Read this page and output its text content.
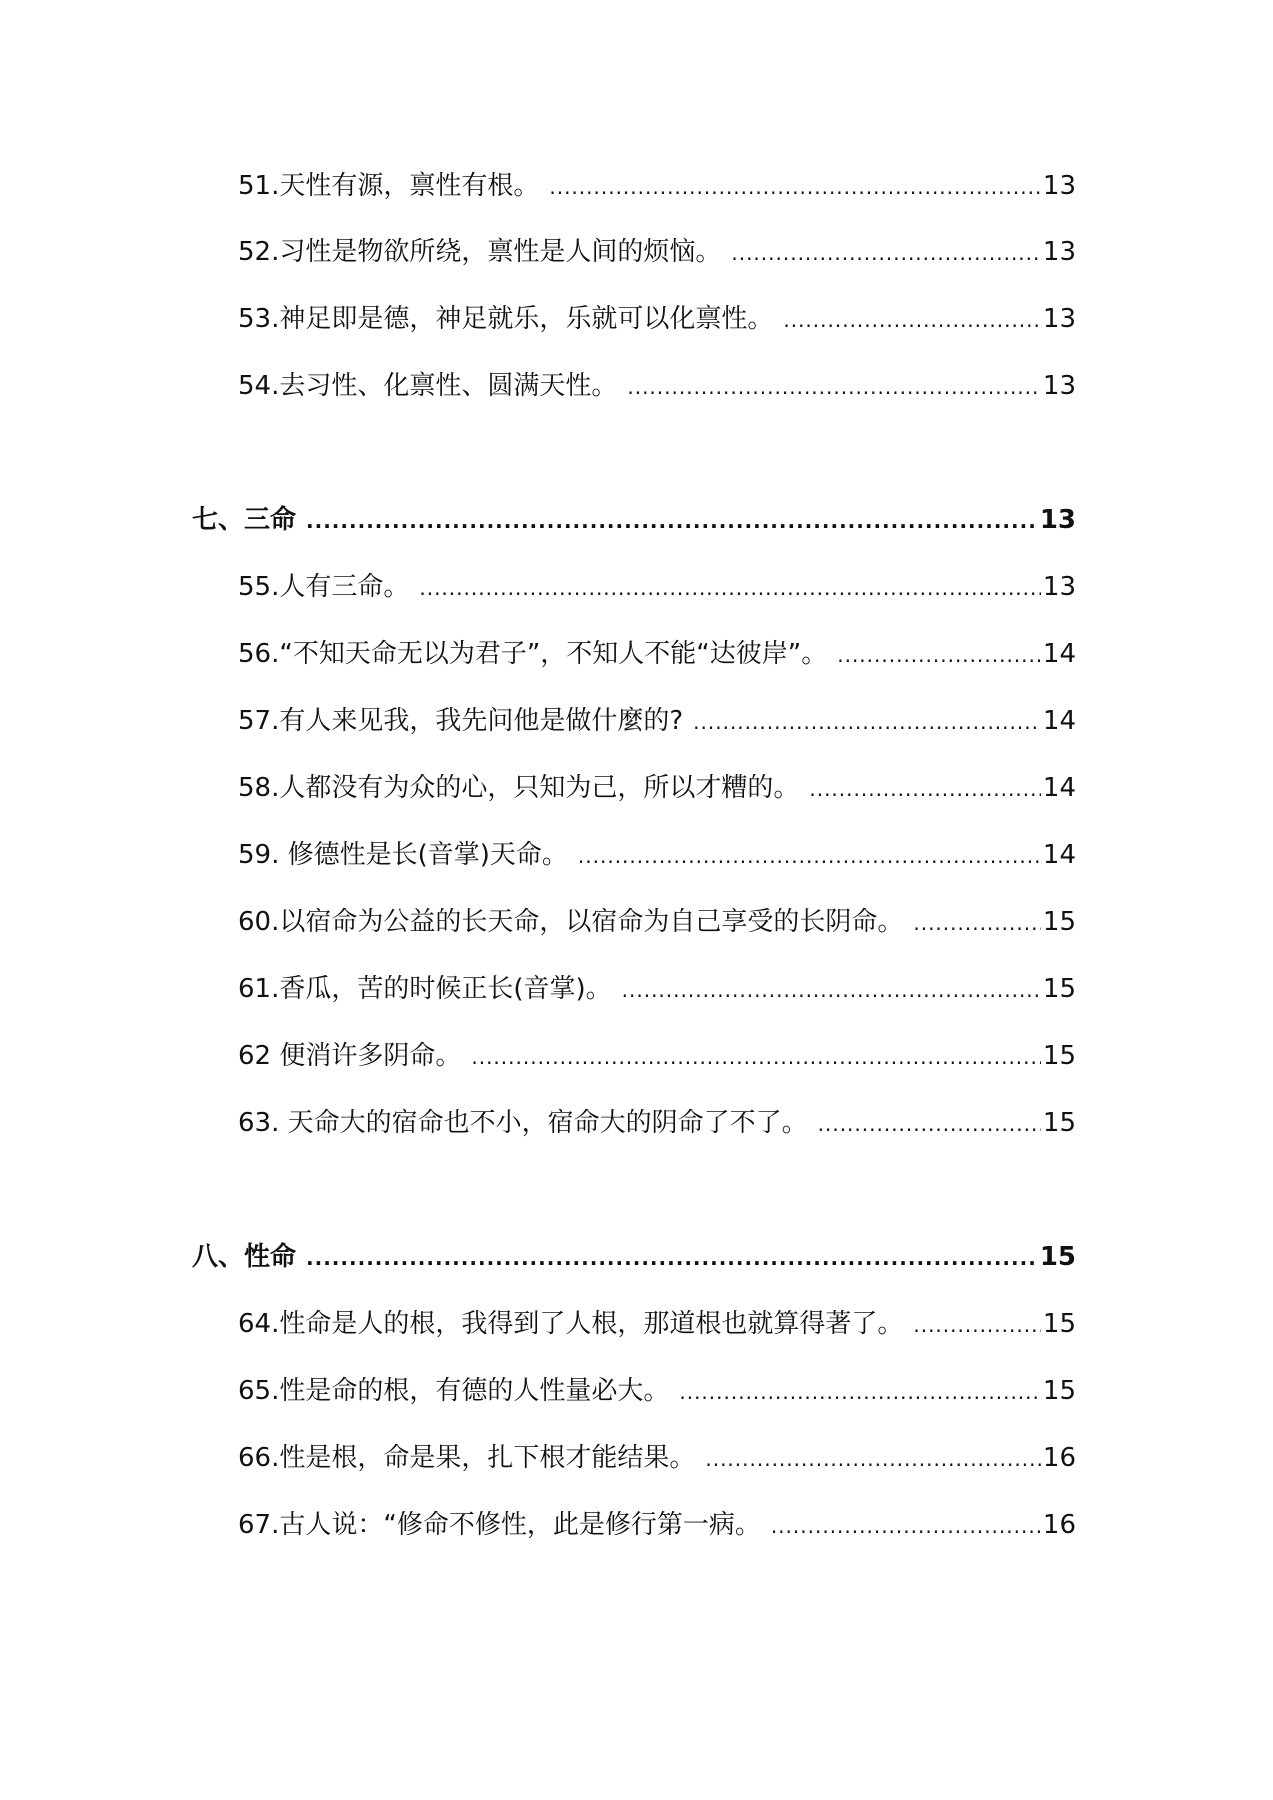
51.天性有源，禀性有根。 .....	13
52.习性是物欲所绕，禀性是人间的烦恼。 .....	13
53.神足即是德，神足就乐，乐就可以化禀性。 .....	13
54.去习性、化禀性、圆满天性。 .....	13
七、三命 .....	13
55.人有三命。 .....	13
56.“不知天命无以为君子”，不知人不能“达彼岸”。 .....	14
57.有人来见我，我先问他是做什麼的? .....	14
58.人都没有为众的心，只知为己，所以才糟的。 .....	14
59. 修德性是长(音掌)天命。 .....	14
60.以宿命为公益的长天命，以宿命为自己享受的长阴命。 .....	15
61.香瓜，苦的时候正长(音掌)。 .....	15
62 便消许多阴命。 .....	15
63. 天命大的宿命也不小，宿命大的阴命了不了。 .....	15
八、性命 .....	15
64.性命是人的根，我得到了人根，那道根也就算得著了。 .....	15
65.性是命的根，有德的人性量必大。 .....	15
66.性是根，命是果，扎下根才能结果。 .....	16
67.古人说：“修命不修性，此是修行第一病。 .....	16
